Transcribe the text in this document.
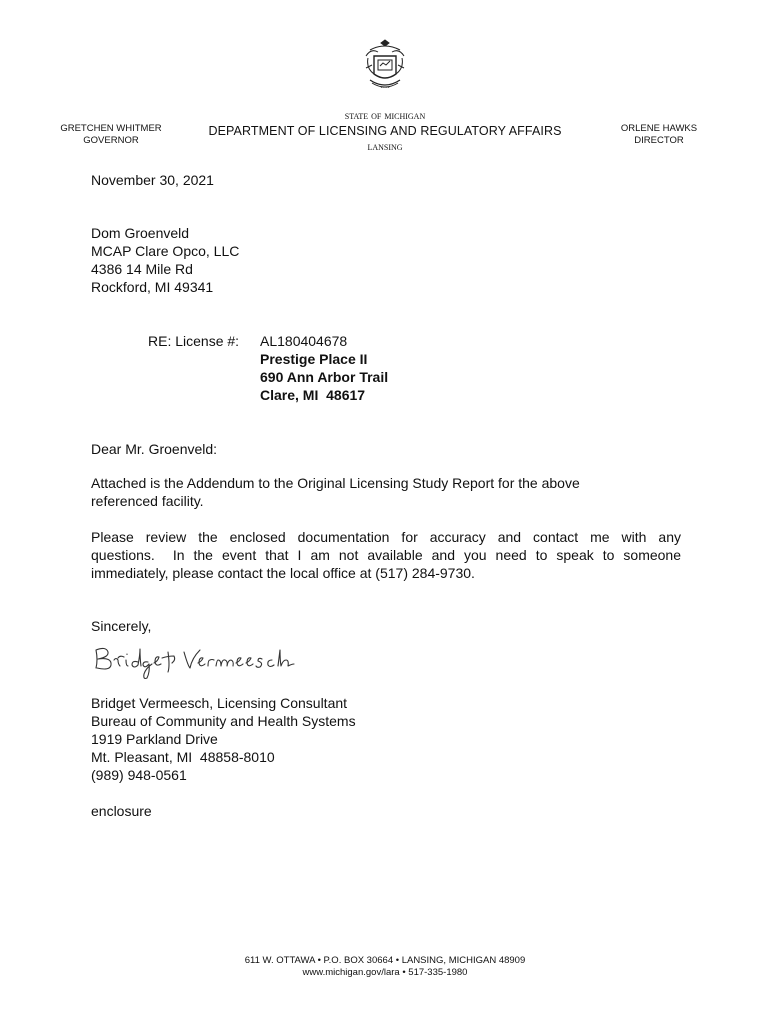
●●●●●
GRETCHEN WHITMER
GOVERNOR
state of michigan
DEPARTMENT OF LICENSING AND REGULATORY AFFAIRS
lansing
ORLENE HAWKS
DIRECTOR
November 30, 2021
Dom Groenveld
MCAP Clare Opco, LLC
4386 14 Mile Rd
Rockford, MI 49341
RE: License #: AL180404678
Prestige Place II
690 Ann Arbor Trail
Clare, MI  48617
Dear Mr. Groenveld:
Attached is the Addendum to the Original Licensing Study Report for the above
referenced facility.
Please review the enclosed documentation for accuracy and contact me with any
questions.  In the event that I am not available and you need to speak to someone
immediately, please contact the local office at (517) 284-9730.
Sincerely,
Bridget Vermeesch, Licensing Consultant
Bureau of Community and Health Systems
1919 Parkland Drive
Mt. Pleasant, MI  48858-8010
(989) 948-0561
enclosure
611 W. OTTAWA • P.O. BOX 30664 • LANSING, MICHIGAN 48909
www.michigan.gov/lara • 517-335-1980
